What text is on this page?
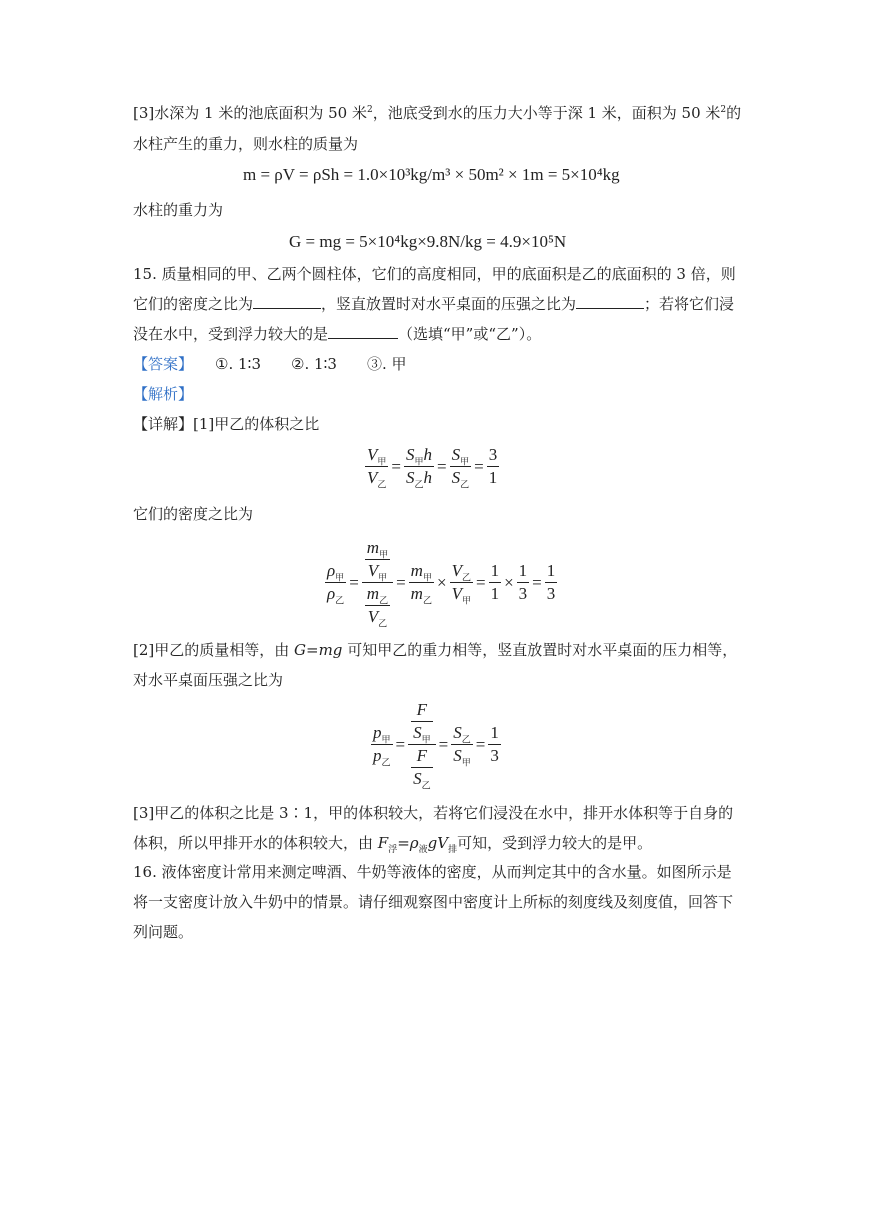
[3]水深为 1 米的池底面积为 50 米$^2$，池底受到水的压力大小等于深 1 米，面积为 50 米$^2$的
水柱产生的重力，则水柱的质量为
m = ρV = ρSh = 1.0×10³kg/m³ × 50m² × 1m = 5×10⁴kg
水柱的重力为
G = mg = 5×10⁴kg×9.8N/kg = 4.9×10⁵N
15. 质量相同的甲、乙两个圆柱体，它们的高度相同，甲的底面积是乙的底面积的 3 倍，则
它们的密度之比为	，竖直放置时对水平桌面的压强之比为	；若将它们浸
没在水中，受到浮力较大的是	（选填“甲”或“乙”）。
【答案】 ①. 1∶3 ②. 1∶3 ③. 甲
【解析】
【详解】[1]甲乙的体积之比
$\frac{V_甲}{V_乙} = \frac{S_甲h}{S_乙h} = \frac{S_甲}{S_乙} = \frac{3}{1}$
它们的密度之比为
$\frac{\rho_甲}{\rho_乙} = \frac{\frac{m_甲}{V_甲}}{\frac{m_乙}{V_乙}} = \frac{m_甲}{m_乙} \times \frac{V_乙}{V_甲} = \frac{1}{1} \times \frac{1}{3} = \frac{1}{3}$
[2]甲乙的质量相等，由 G=mg 可知甲乙的重力相等，竖直放置时对水平桌面的压力相等，
对水平桌面压强之比为
$\frac{p_甲}{p_乙} = \frac{\frac{F}{S_甲}}{\frac{F}{S_乙}} = \frac{S_乙}{S_甲} = \frac{1}{3}$
[3]甲乙的体积之比是 3∶1，甲的体积较大，若将它们浸没在水中，排开水体积等于自身的
体积，所以甲排开水的体积较大，由 $F_浮=\rho_液gV_排$可知，受到浮力较大的是甲。
16. 液体密度计常用来测定啤酒、牛奶等液体的密度，从而判定其中的含水量。如图所示是
将一支密度计放入牛奶中的情景。请仔细观察图中密度计上所标的刻度线及刻度值，回答下
列问题。
